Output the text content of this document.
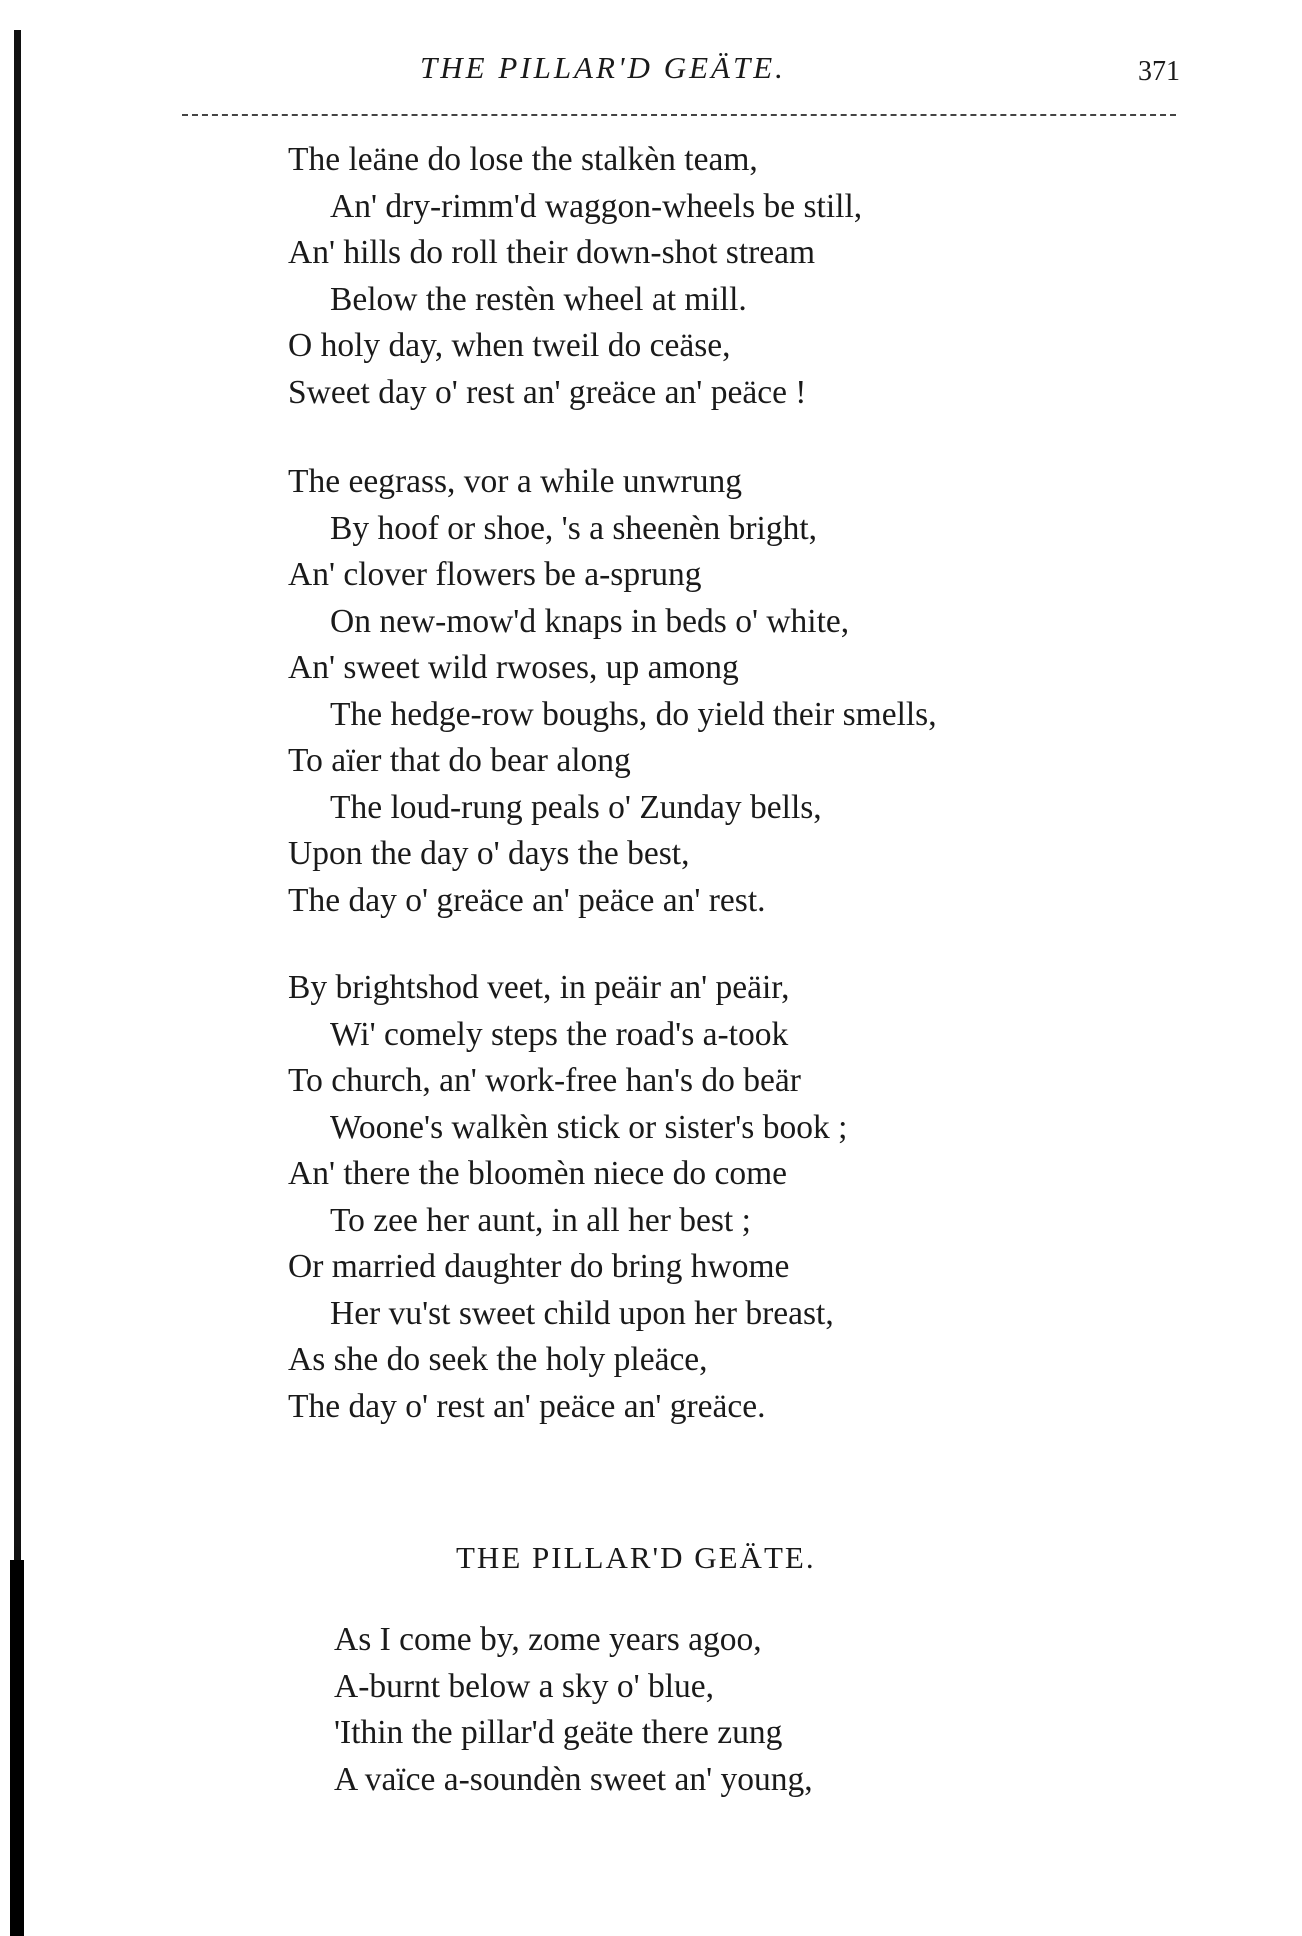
THE PILLAR'D GEÄTE.	371
The leäne do lose the stalkèn team,
An' dry-rimm'd waggon-wheels be still,
An' hills do roll their down-shot stream
Below the restèn wheel at mill.
O holy day, when tweil do ceäse,
Sweet day o' rest an' greäce an' peäce !
The eegrass, vor a while unwrung
By hoof or shoe, 's a sheenèn bright,
An' clover flowers be a-sprung
On new-mow'd knaps in beds o' white,
An' sweet wild rwoses, up among
The hedge-row boughs, do yield their smells,
To aïer that do bear along
The loud-rung peals o' Zunday bells,
Upon the day o' days the best,
The day o' greäce an' peäce an' rest.
By brightshod veet, in peäir an' peäir,
Wi' comely steps the road's a-took
To church, an' work-free han's do beär
Woone's walkèn stick or sister's book ;
An' there the bloomèn niece do come
To zee her aunt, in all her best ;
Or married daughter do bring hwome
Her vu'st sweet child upon her breast,
As she do seek the holy pleäce,
The day o' rest an' peäce an' greäce.
THE PILLAR'D GEÄTE.
As I come by, zome years agoo,
A-burnt below a sky o' blue,
'Ithin the pillar'd geäte there zung
A vaïce a-soundèn sweet an' young,
